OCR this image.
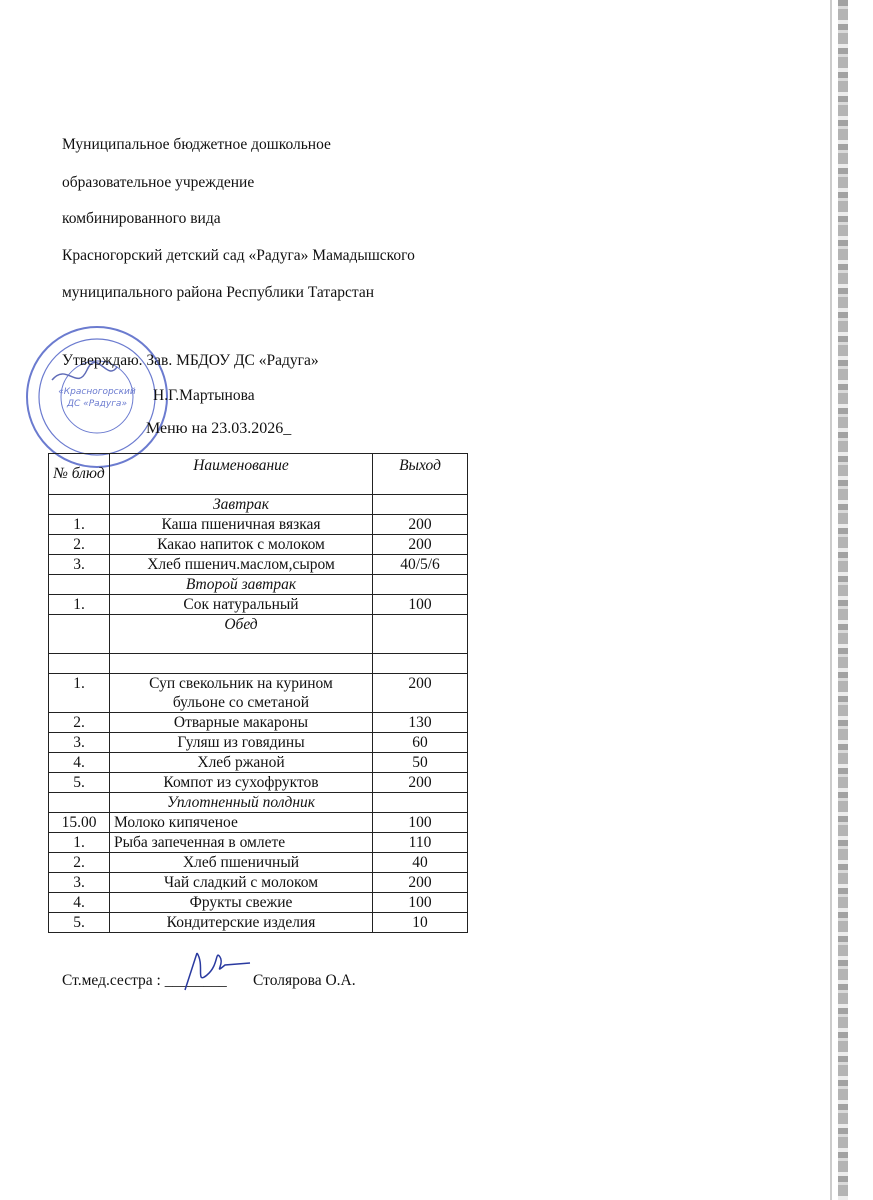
Муниципальное бюджетное дошкольное
образовательное учреждение
комбинированного вида
Красногорский детский сад «Радуга» Мамадышского
муниципального района Республики Татарстан
«Красногорский
ДС «Радуга»
Утверждаю. Зав. МБДОУ ДС «Радуга»
Н.Г.Мартынова
Меню на 23.03.2026_
№ блюд	Наименование	Выход
	Завтрак	
1.	Каша пшеничная вязкая	200
2.	Какао напиток с молоком	200
3.	Хлеб пшенич.маслом,сыром	40/5/6
	Второй завтрак	
1.	Сок натуральный	100
	Обед	

1.	Суп свекольник на курином бульоне со сметаной	200
2.	Отварные макароны	130
3.	Гуляш из говядины	60
4.	Хлеб ржаной	50
5.	Компот из сухофруктов	200
	Уплотненный полдник	
15.00	Молоко кипяченое	100
1.	Рыба запеченная в омлете	110
2.	Хлеб пшеничный	40
3.	Чай сладкий с молоком	200
4.	Фрукты свежие	100
5.	Кондитерские изделия	10
Ст.мед.сестра : ________ Столярова О.А.
